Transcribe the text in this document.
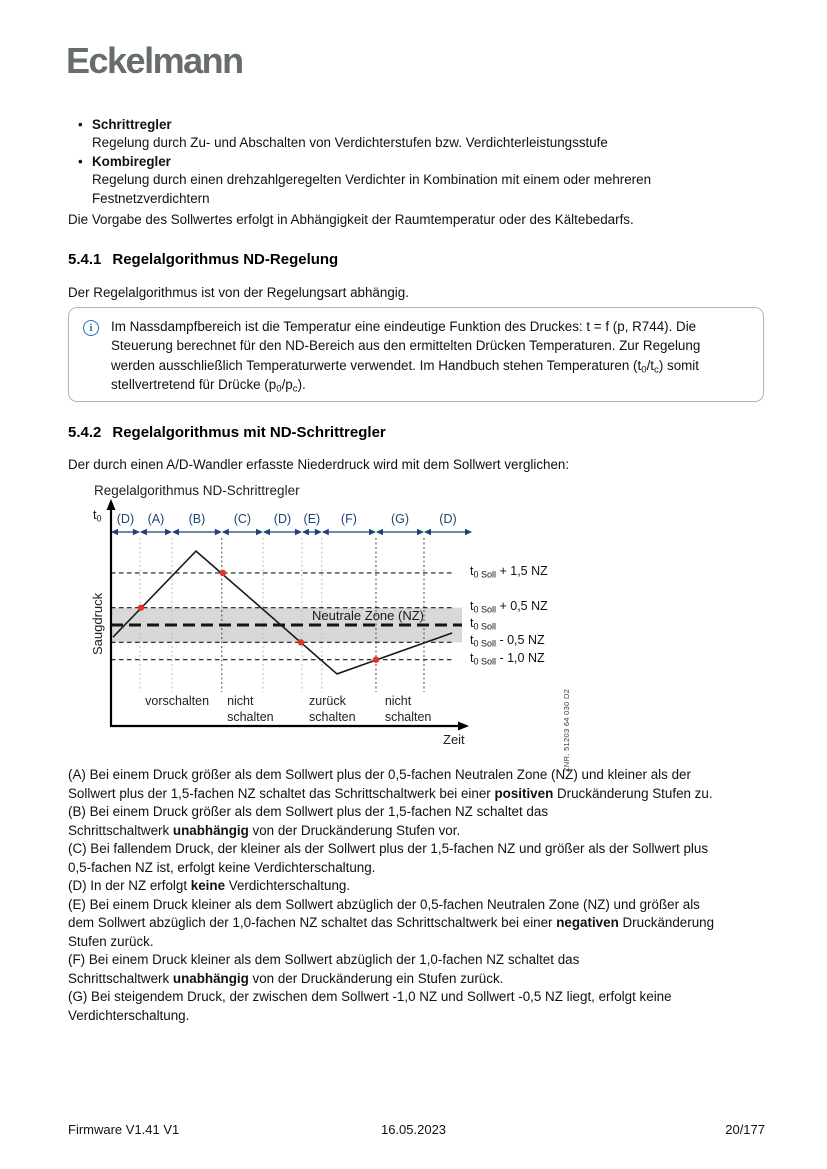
Eckelmann
• Schrittregler
Regelung durch Zu- und Abschalten von Verdichterstufen bzw. Verdichterleistungsstufe
• Kombiregler
Regelung durch einen drehzahlgeregelten Verdichter in Kombination mit einem oder mehreren
Festnetzverdichtern
Die Vorgabe des Sollwertes erfolgt in Abhängigkeit der Raumtemperatur oder des Kältebedarfs.
5.4.1 Regelalgorithmus ND-Regelung
Der Regelalgorithmus ist von der Regelungsart abhängig.
i	Im Nassdampfbereich ist die Temperatur eine eindeutige Funktion des Druckes: t = f (p, R744). Die
Steuerung berechnet für den ND-Bereich aus den ermittelten Drücken Temperaturen. Zur Regelung
werden ausschließlich Temperaturwerte verwendet. Im Handbuch stehen Temperaturen $(t_0/t_c)$ somit
stellvertretend für Drücke $(p_0/p_c)$.
5.4.2 Regelalgorithmus mit ND-Schrittregler
Der durch einen A/D-Wandler erfasste Niederdruck wird mit dem Sollwert verglichen:
Regelalgorithmus ND-Schrittregler
$t_0$
Saugdruck
Zeit
Neutrale Zone (NZ)
ZNR. 51203 64 030 D2
(D) (A) (B) (C) (D) (E) (F)	(G) (D)
$t_{0 Soll} + 1,5$ NZ
$t_{0 Soll} + 0,5$ NZ
$t_{0 Soll}$
$t_{0 Soll} - 0,5$ NZ
$t_{0 Soll} - 1,0$ NZ
vorschalten nicht
schalten
zurück
schalten
nicht
schalten

(A) Bei einem Druck größer als dem Sollwert plus der 0,5-fachen Neutralen Zone (NZ) und kleiner als der
Sollwert plus der 1,5-fachen NZ schaltet das Schrittschaltwerk bei einer positiven Druckänderung Stufen zu.

(B) Bei einem Druck größer als dem Sollwert plus der 1,5-fachen NZ schaltet das
Schrittschaltwerk unabhängig von der Druckänderung Stufen vor.

(C) Bei fallendem Druck, der kleiner als der Sollwert plus der 1,5-fachen NZ und größer als der Sollwert plus
0,5-fachen NZ ist, erfolgt keine Verdichterschaltung.

(D) In der NZ erfolgt keine Verdichterschaltung.

(E) Bei einem Druck kleiner als dem Sollwert abzüglich der 0,5-fachen Neutralen Zone (NZ) und größer als
dem Sollwert abzüglich der 1,0-fachen NZ schaltet das Schrittschaltwerk bei einer negativen Druckänderung
Stufen zurück.

(F) Bei einem Druck kleiner als dem Sollwert abzüglich der 1,0-fachen NZ schaltet das
Schrittschaltwerk unabhängig von der Druckänderung ein Stufen zurück.

(G) Bei steigendem Druck, der zwischen dem Sollwert -1,0 NZ und Sollwert -0,5 NZ liegt, erfolgt keine
Verdichterschaltung.

Firmware V1.41 V1	16.05.2023	20/177
